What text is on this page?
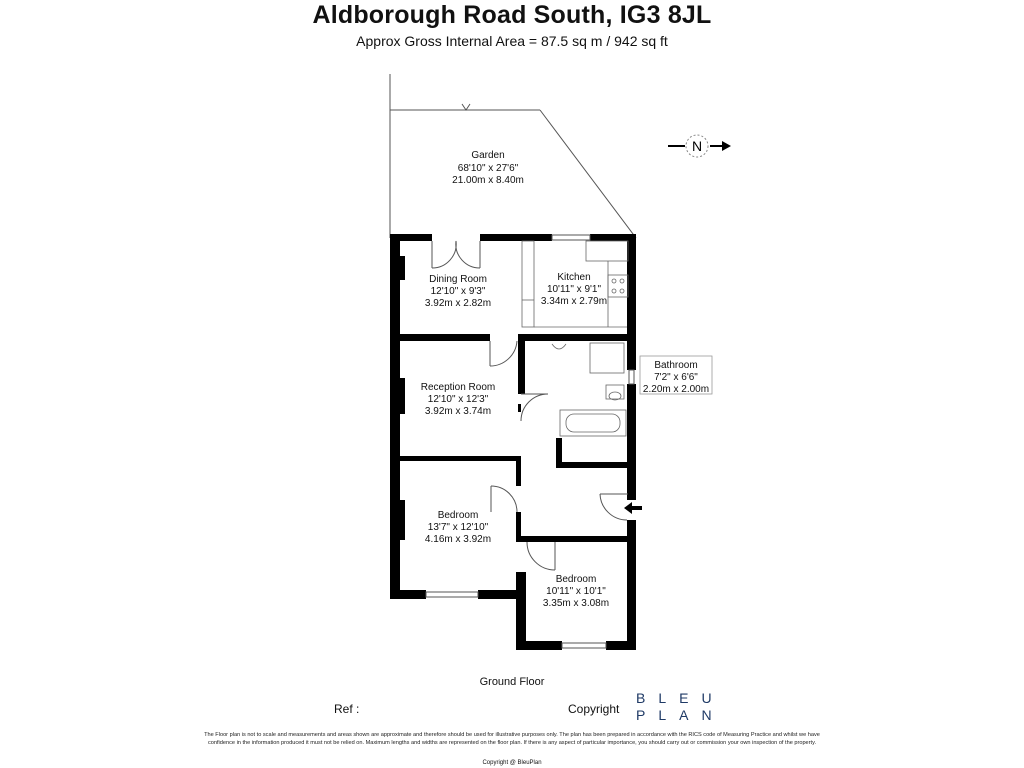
Aldborough Road South, IG3 8JL
Approx Gross Internal Area = 87.5 sq m / 942 sq ft
N
Garden
68'10" x 27'6"
21.00m x 8.40m
Dining Room
12'10" x 9'3"
3.92m x 2.82m
Kitchen
10'11" x 9'1"
3.34m x 2.79m
Bathroom
7'2" x 6'6"
2.20m x 2.00m
Reception Room
12'10" x 12'3"
3.92m x 3.74m
Bedroom
13'7" x 12'10"
4.16m x 3.92m
Bedroom
10'11" x 10'1"
3.35m x 3.08m
Ground Floor
Ref :	Copyright
BLEU
PLAN
The Floor plan is not to scale and measurements and areas shown are approximate and therefore should be used for illustrative purposes only. The plan has been prepared in accordance with the RICS code of Measuring Practice and whilst we have confidence in the information produced it must not be relied on. Maximum lengths and widths are represented on the floor plan. If there is any aspect of particular importance, you should carry out or commission your own inspection of the property.
Copyright @ BleuPlan
